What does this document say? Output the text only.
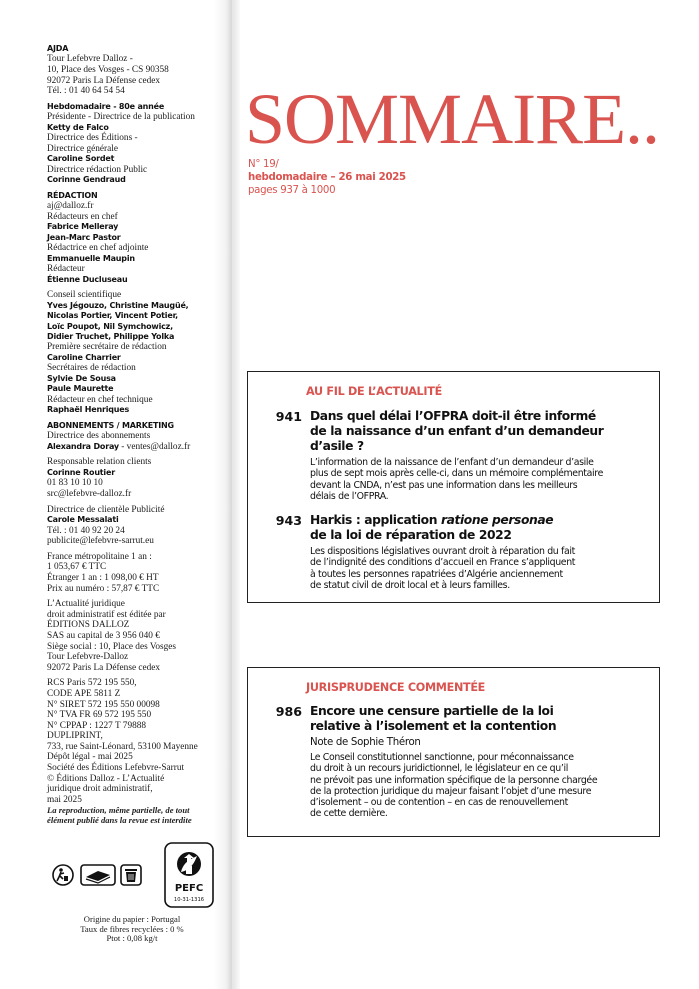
AJDA
Tour Lefebvre Dalloz -
10, Place des Vosges - CS 90358
92072 Paris La Défense cedex
Tél. : 01 40 64 54 54
Hebdomadaire - 80e année
Présidente - Directrice de la publication
Ketty de Falco
Directrice des Éditions -
Directrice générale
Caroline Sordet
Directrice rédaction Public
Corinne Gendraud
RÉDACTION
aj@dalloz.fr
Rédacteurs en chef
Fabrice Melleray
Jean-Marc Pastor
Rédactrice en chef adjointe
Emmanuelle Maupin
Rédacteur
Étienne Ducluseau
Conseil scientifique
Yves Jégouzo, Christine Maugüé,
Nicolas Portier, Vincent Potier,
Loïc Poupot, Nil Symchowicz,
Didier Truchet, Philippe Yolka
Première secrétaire de rédaction
Caroline Charrier
Secrétaires de rédaction
Sylvie De Sousa
Paule Maurette
Rédacteur en chef technique
Raphaël Henriques
ABONNEMENTS / MARKETING
Directrice des abonnements
Alexandra Doray - ventes@dalloz.fr
Responsable relation clients
Corinne Routier
01 83 10 10 10
src@lefebvre-dalloz.fr
Directrice de clientèle Publicité
Carole Messalati
Tél. : 01 40 92 20 24
publicite@lefebvre-sarrut.eu
France métropolitaine 1 an :
1 053,67 € TTC
Étranger 1 an : 1 098,00 € HT
Prix au numéro : 57,87 € TTC
L’Actualité juridique
droit administratif est éditée par
ÉDITIONS DALLOZ
SAS au capital de 3 956 040 €
Siège social : 10, Place des Vosges
Tour Lefebvre-Dalloz
92072 Paris La Défense cedex
RCS Paris 572 195 550,
CODE APE 5811 Z
N° SIRET 572 195 550 00098
N° TVA FR 69 572 195 550
N° CPPAP : 1227 T 79888
DUPLIPRINT,
733, rue Saint-Léonard, 53100 Mayenne
Dépôt légal - mai 2025
Société des Éditions Lefebvre-Sarrut
© Éditions Dalloz - L’Actualité
juridique droit administratif,
mai 2025
La reproduction, même partielle, de tout
élément publié dans la revue est interdite
PEFC
10-31-1316
Origine du papier : Portugal
Taux de fibres recyclées : 0 %
Ptot : 0,08 kg/t
SOMMAIRE..
N° 19/
hebdomadaire – 26 mai 2025
pages 937 à 1000
AU FIL DE L’ACTUALITÉ
941 Dans quel délai l’OFPRA doit-il être informé
de la naissance d’un enfant d’un demandeur
d’asile ?
L’information de la naissance de l’enfant d’un demandeur d’asile
plus de sept mois après celle-ci, dans un mémoire complémentaire
devant la CNDA, n’est pas une information dans les meilleurs
délais de l’OFPRA.
943 Harkis : application ratione personae
de la loi de réparation de 2022
Les dispositions législatives ouvrant droit à réparation du fait
de l’indignité des conditions d’accueil en France s’appliquent
à toutes les personnes rapatriées d’Algérie anciennement
de statut civil de droit local et à leurs familles.
JURISPRUDENCE COMMENTÉE
986 Encore une censure partielle de la loi
relative à l’isolement et la contention
Note de Sophie Théron
Le Conseil constitutionnel sanctionne, pour méconnaissance
du droit à un recours juridictionnel, le législateur en ce qu’il
ne prévoit pas une information spécifique de la personne chargée
de la protection juridique du majeur faisant l’objet d’une mesure
d’isolement – ou de contention – en cas de renouvellement
de cette dernière.
